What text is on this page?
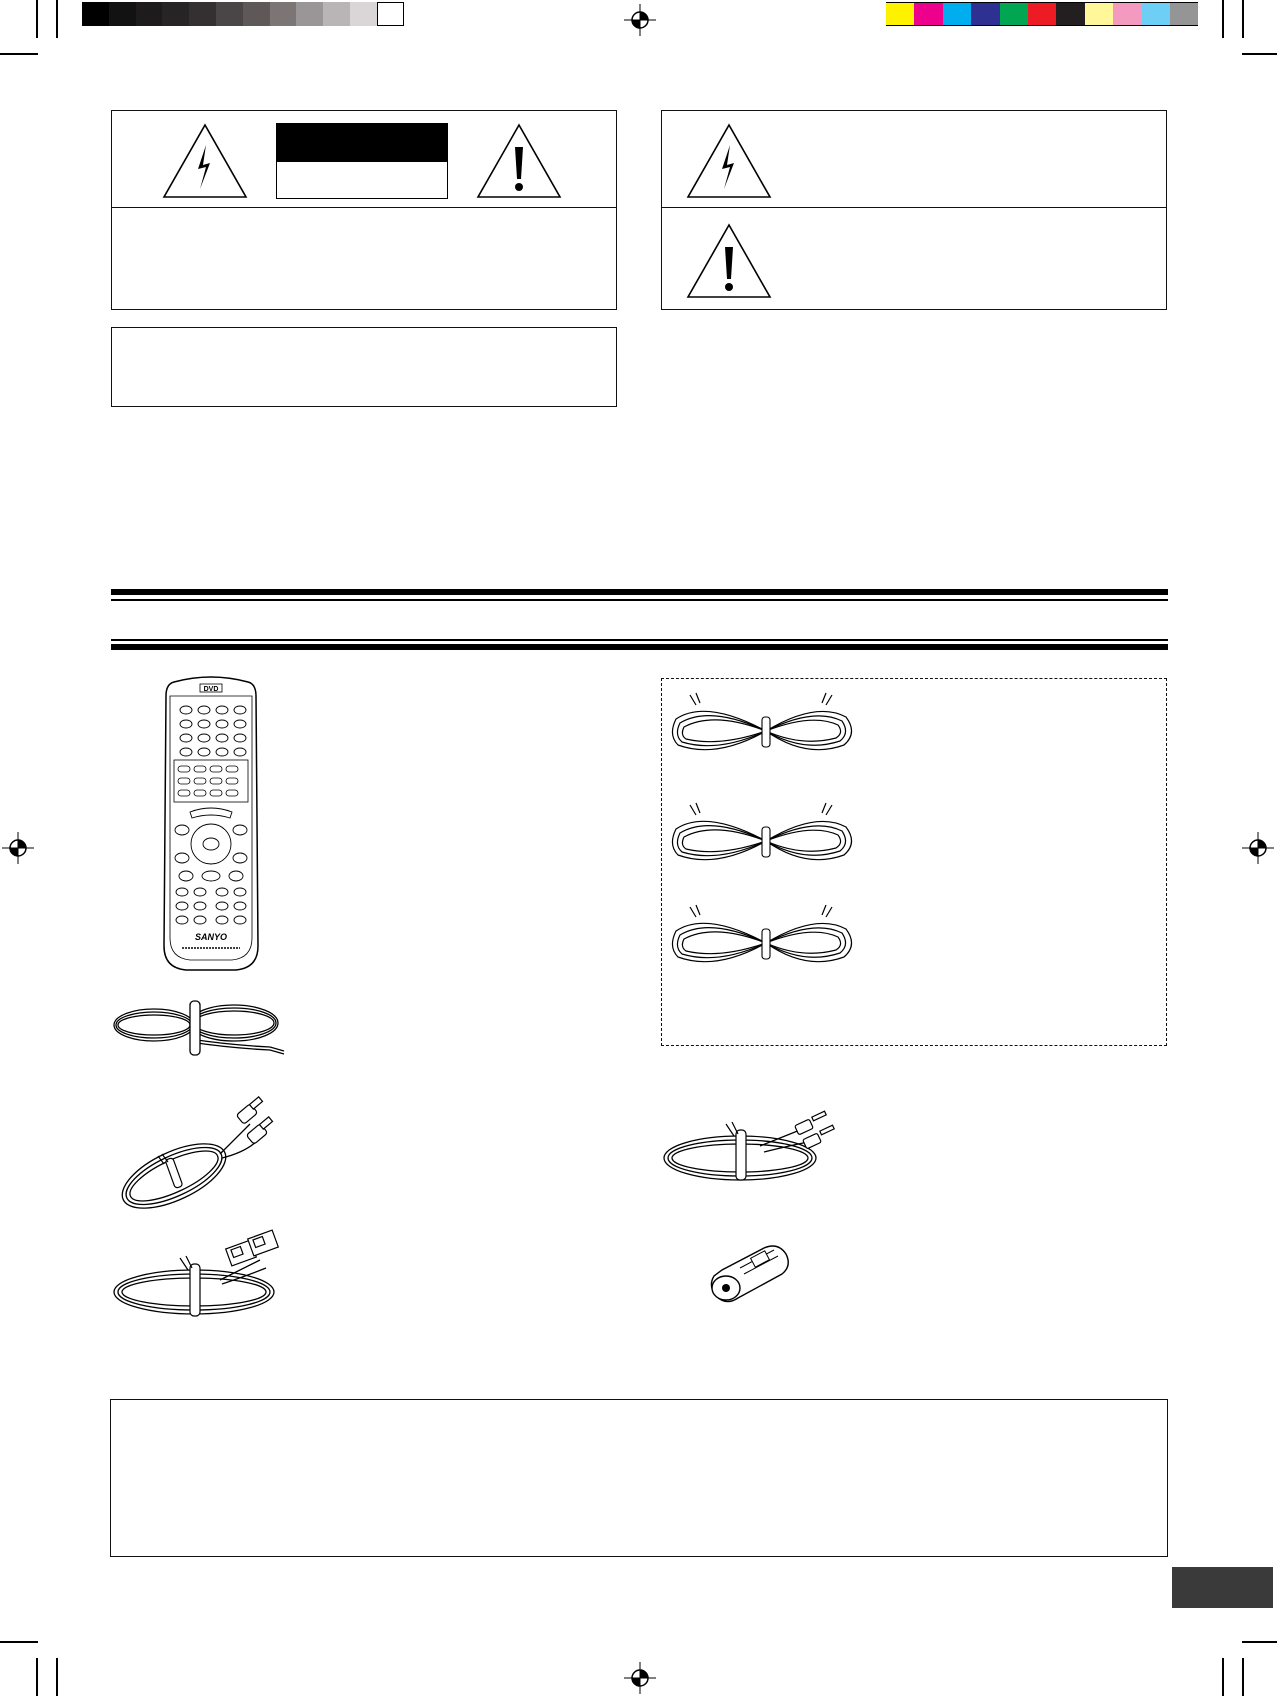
DVD
SANYO
